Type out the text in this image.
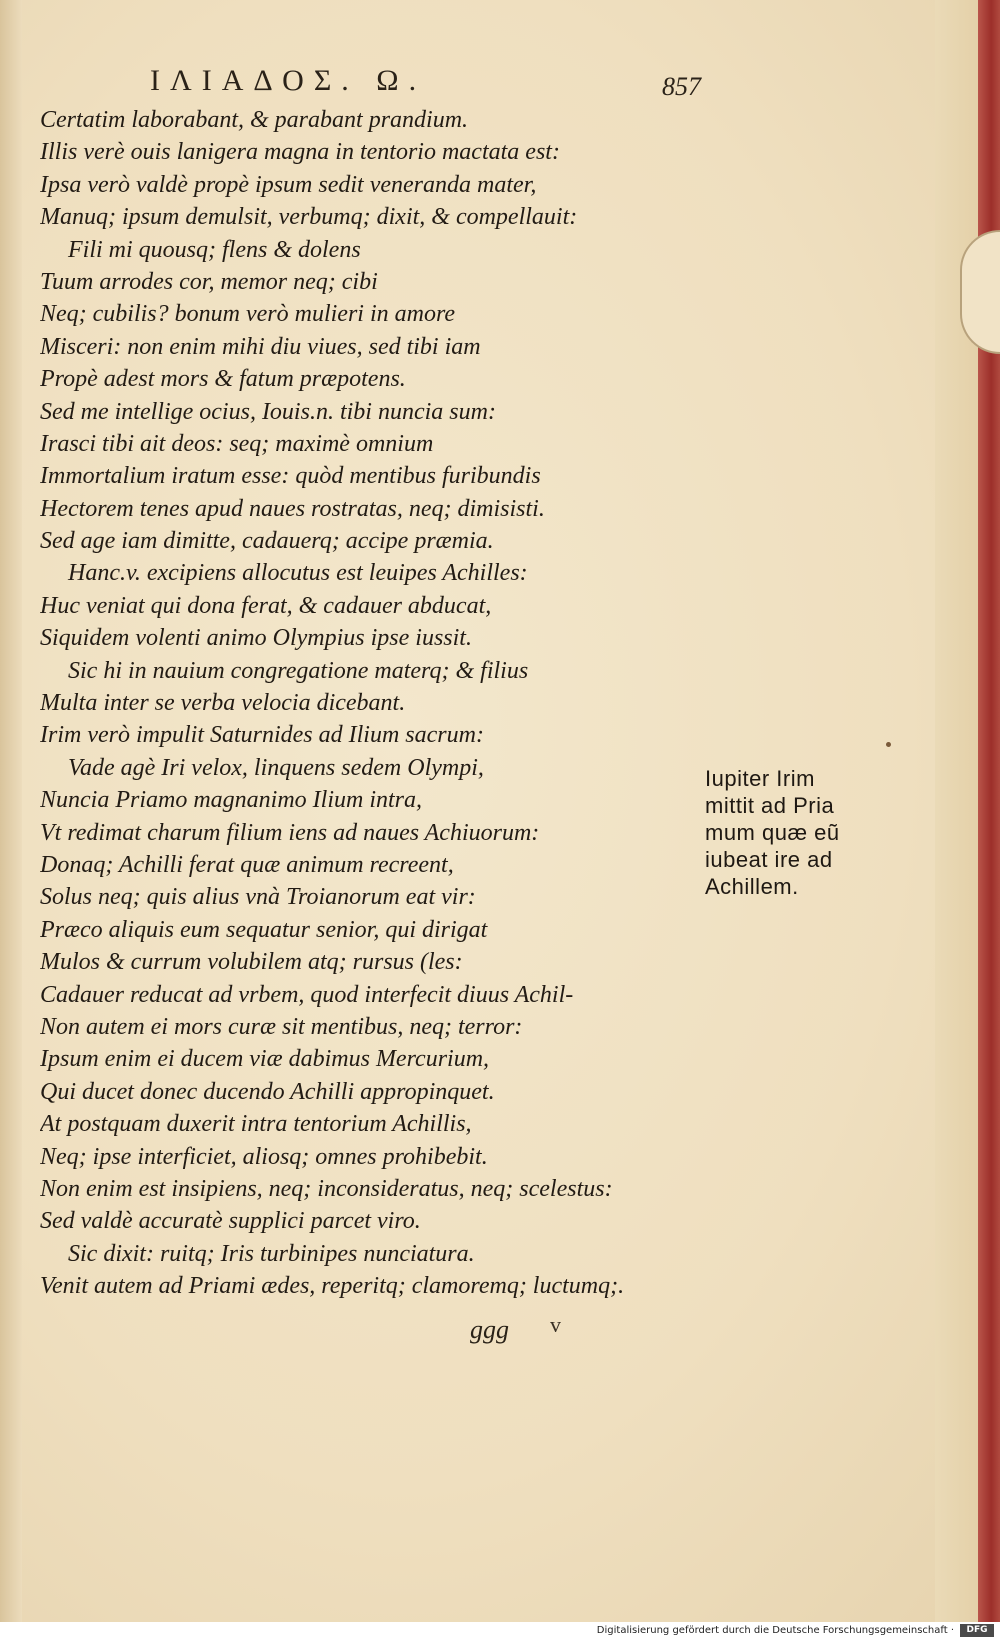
ΙΛΙΑΔΟΣ. Ω.	857
Certatim laborabant, & parabant prandium.
Illis verè ouis lanigera magna in tentorio mactata est:
Ipsa verò valdè propè ipsum sedit veneranda mater,
Manuq; ipsum demulsit, verbumq; dixit, & compellauit:
Fili mi quousq; flens & dolens
Tuum arrodes cor, memor neq; cibi
Neq; cubilis? bonum verò mulieri in amore
Misceri: non enim mihi diu viues, sed tibi iam
Propè adest mors & fatum præpotens.
Sed me intellige ocius, Iouis.n. tibi nuncia sum:
Irasci tibi ait deos: seq; maximè omnium
Immortalium iratum esse: quòd mentibus furibundis
Hectorem tenes apud naues rostratas, neq; dimisisti.
Sed age iam dimitte, cadauerq; accipe præmia.
Hanc.v. excipiens allocutus est leuipes Achilles:
Huc veniat qui dona ferat, & cadauer abducat,
Siquidem volenti animo Olympius ipse iussit.
Sic hi in nauium congregatione materq; & filius
Multa inter se verba veloсia dicebant.
Irim verò impulit Saturnides ad Ilium sacrum:
Vade agè Iri velox, linquens sedem Olympi,
Nuncia Priamo magnanimo Ilium intra,
Vt redimat charum filium iens ad naues Achiuorum:
Donaq; Achilli ferat quæ animum recreent,
Solus neq; quis alius vnà Troianorum eat vir:
Præco aliquis eum sequatur senior, qui dirigat
Mulos & currum volubilem atq; rursus (les:
Cadauer reducat ad vrbem, quod interfecit diuus Achil-
Non autem ei mors curæ sit mentibus, neq; terror:
Ipsum enim ei ducem viæ dabimus Mercurium,
Qui ducet donec ducendo Achilli appropinquet.
At postquam duxerit intra tentorium Achillis,
Neq; ipse interficiet, aliosq; omnes prohibebit.
Non enim est insipiens, neq; inconsideratus, neq; scelestus:
Sed valdè accuratè supplici parcet viro.
Sic dixit: ruitq; Iris turbinipes nunciatura.
Venit autem ad Priami ædes, reperitq; clamoremq; luctumq;.
Iupiter Irim
mittit ad Pria
mum quæ eũ
iubeat ire ad
Achillem.
ggg v
Digitalisierung gefördert durch die Deutsche Forschungsgemeinschaft ·	DFG
